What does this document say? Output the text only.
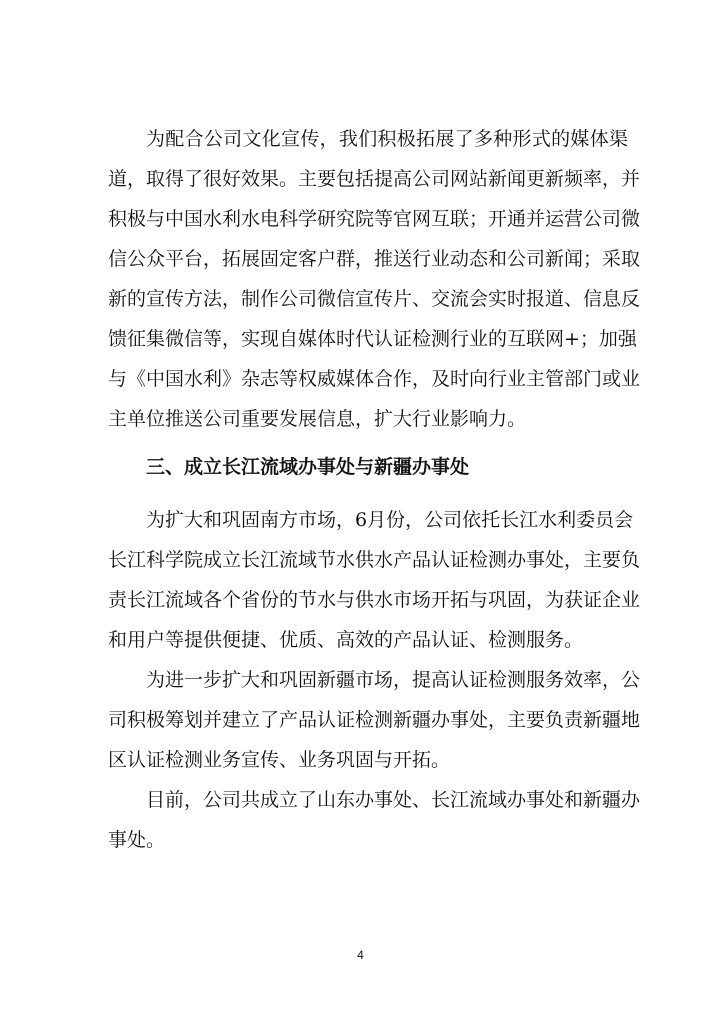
为配合公司文化宣传，我们积极拓展了多种形式的媒体渠

道，取得了很好效果。主要包括提高公司网站新闻更新频率，并

积极与中国水利水电科学研究院等官网互联；开通并运营公司微

信公众平台，拓展固定客户群，推送行业动态和公司新闻；采取

新的宣传方法，制作公司微信宣传片、交流会实时报道、信息反

馈征集微信等，实现自媒体时代认证检测行业的互联网+；加强

与《中国水利》杂志等权威媒体合作，及时向行业主管部门或业

主单位推送公司重要发展信息，扩大行业影响力。

三、成立长江流域办事处与新疆办事处

为扩大和巩固南方市场，6月份，公司依托长江水利委员会

长江科学院成立长江流域节水供水产品认证检测办事处，主要负

责长江流域各个省份的节水与供水市场开拓与巩固，为获证企业

和用户等提供便捷、优质、高效的产品认证、检测服务。

为进一步扩大和巩固新疆市场，提高认证检测服务效率，公

司积极筹划并建立了产品认证检测新疆办事处，主要负责新疆地

区认证检测业务宣传、业务巩固与开拓。

目前，公司共成立了山东办事处、长江流域办事处和新疆办

事处。

4
